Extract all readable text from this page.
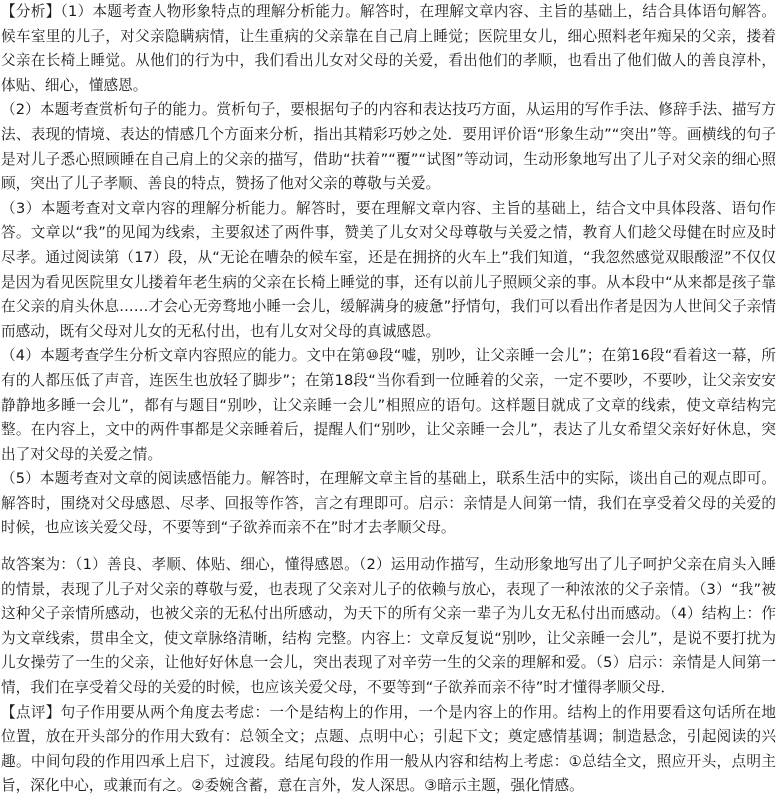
【分析】（1）本题考查人物形象特点的理解分析能力。解答时，在理解文章内容、主旨的基础上，结合具体语句解答。候车室里的儿子，对父亲隐瞒病情，让生重病的父亲靠在自己肩上睡觉；医院里女儿，细心照料老年痴呆的父亲，搂着父亲在长椅上睡觉。从他们的行为中，我们看出儿女对父母的关爱，看出他们的孝顺，也看出了他们做人的善良淳朴，体贴、细心，懂感恩。

（2）本题考查赏析句子的能力。赏析句子，要根据句子的内容和表达技巧方面，从运用的写作手法、修辞手法、描写方法、表现的情境、表达的情感几个方面来分析，指出其精彩巧妙之处．要用评价语“形象生动”“突出”等。画横线的句子是对儿子悉心照顾睡在自己肩上的父亲的描写，借助“扶着”“覆”“试图”等动词，生动形象地写出了儿子对父亲的细心照顾，突出了儿子孝顺、善良的特点，赞扬了他对父亲的尊敬与关爱。

（3）本题考查对文章内容的理解分析能力。解答时，要在理解文章内容、主旨的基础上，结合文中具体段落、语句作答。文章以“我”的见闻为线索，主要叙述了两件事，赞美了儿女对父母尊敬与关爱之情，教育人们趁父母健在时应及时尽孝。通过阅读第（17）段，从“无论在嘈杂的候车室，还是在拥挤的火车上”我们知道，“我忽然感觉双眼酸涩”不仅仅是因为看见医院里女儿搂着年老生病的父亲在长椅上睡觉的事，还有以前儿子照顾父亲的事。从本段中“从来都是孩子靠在父亲的肩头休息……才会心无旁骛地小睡一会儿，缓解满身的疲惫”抒情句，我们可以看出作者是因为人世间父子亲情而感动，既有父母对儿女的无私付出，也有儿女对父母的真诚感恩。

（4）本题考查学生分析文章内容照应的能力。文中在第⑩段“嘘，别吵，让父亲睡一会儿”；在第16段“看着这一幕，所有的人都压低了声音，连医生也放轻了脚步”；在第18段“当你看到一位睡着的父亲，一定不要吵，不要吵，让父亲安安静静地多睡一会儿”，都有与题目“别吵，让父亲睡一会儿”相照应的语句。这样题目就成了文章的线索，使文章结构完整。在内容上，文中的两件事都是父亲睡着后，提醒人们“别吵，让父亲睡一会儿”，表达了儿女希望父亲好好休息，突出了对父母的关爱之情。

（5）本题考查对文章的阅读感悟能力。解答时，在理解文章主旨的基础上，联系生活中的实际，谈出自己的观点即可。解答时，围绕对父母感恩、尽孝、回报等作答，言之有理即可。启示：亲情是人间第一情，我们在享受着父母的关爱的时候，也应该关爱父母，不要等到“子欲养而亲不在”时才去孝顺父母。

故答案为：（1）善良、孝顺、体贴、细心，懂得感恩。（2）运用动作描写，生动形象地写出了儿子呵护父亲在肩头入睡的情景，表现了儿子对父亲的尊敬与爱，也表现了父亲对儿子的依赖与放心，表现了一种浓浓的父子亲情。（3）“我”被这种父子亲情所感动，也被父亲的无私付出所感动，为天下的所有父亲一辈子为儿女无私付出而感动。（4）结构上：作为文章线索，贯串全文，使文章脉络清晰，结构 完整。内容上：文章反复说“别吵，让父亲睡一会儿”，是说不要打扰为儿女操劳了一生的父亲，让他好好休息一会儿，突出表现了对辛劳一生的父亲的理解和爱。（5）启示：亲情是人间第一情，我们在享受着父母的关爱的时候，也应该关爱父母，不要等到“子欲养而亲不待”时才懂得孝顺父母．

【点评】句子作用要从两个角度去考虑：一个是结构上的作用，一个是内容上的作用。结构上的作用要看这句话所在地位置，放在开头部分的作用大致有：总领全文；点题、点明中心；引起下文；奠定感情基调；制造悬念，引起阅读的兴趣。中间句段的作用四承上启下，过渡段。结尾句段的作用一般从内容和结构上考虑：①总结全文，照应开头，点明主旨，深化中心，或兼而有之。②委婉含蓄，意在言外，发人深思。③暗示主题，强化情感。
